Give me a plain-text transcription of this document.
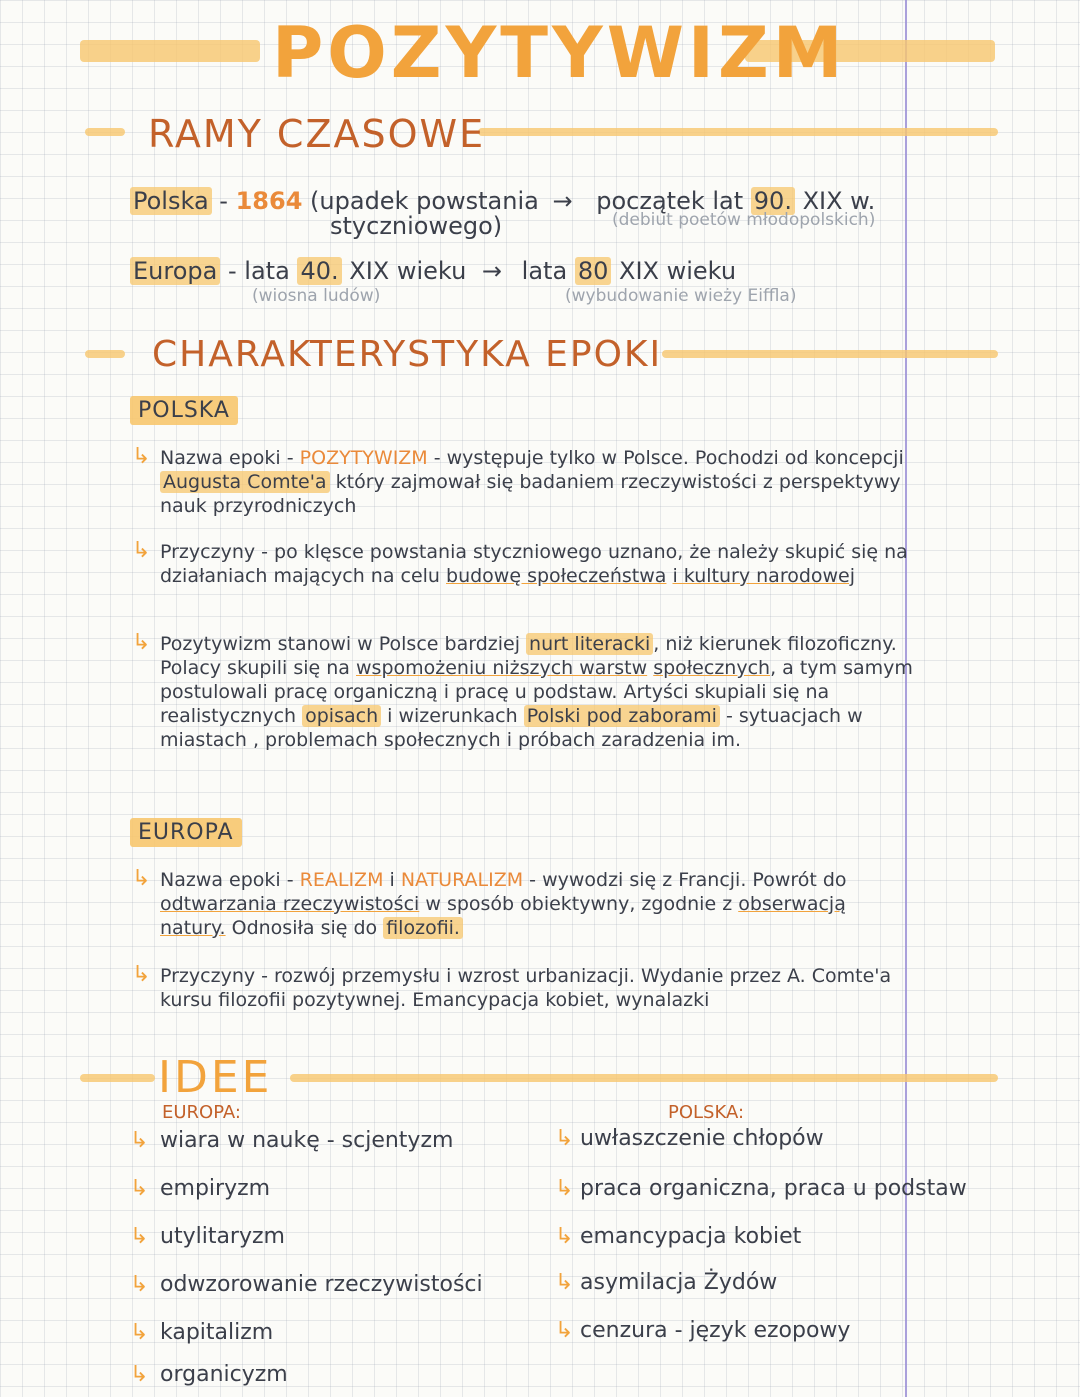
POZYTYWIZM
RAMY CZASOWE
Polska - 1864 (upadek powstania → początek lat 90. XIX w.
styczniowego)	(debiut poetów młodopolskich)
Europa - lata 40. XIX wieku → lata 80 XIX wieku
(wiosna ludów)	(wybudowanie wieży Eiffla)
CHARAKTERYSTYKA EPOKI
POLSKA
↳ Nazwa epoki - POZYTYWIZM - występuje tylko w Polsce. Pochodzi od koncepcji Augusta Comte'a który zajmował się badaniem rzeczywistości z perspektywy nauk przyrodniczych
↳ Przyczyny - po klęsce powstania styczniowego uznano, że należy skupić się na działaniach mających na celu budowę społeczeństwa i kultury narodowej
↳ Pozytywizm stanowi w Polsce bardziej nurt literacki , niż kierunek filozoficzny. Polacy skupili się na wspomożeniu niższych warstw społecznych, a tym samym postulowali pracę organiczną i pracę u podstaw. Artyści skupiali się na realistycznych opisach i wizerunkach Polski pod zaborami - sytuacjach w miastach , problemach społecznych i próbach zaradzenia im.
EUROPA
↳ Nazwa epoki - REALIZM i NATURALIZM - wywodzi się z Francji. Powrót do odtwarzania rzeczywistości w sposób obiektywny, zgodnie z obserwacją natury. Odnosiła się do filozofii.
↳ Przyczyny - rozwój przemysłu i wzrost urbanizacji. Wydanie przez A. Comte'a kursu filozofii pozytywnej. Emancypacja kobiet, wynalazki
IDEE
EUROPA:	POLSKA:
↳ wiara w naukę - scjentyzm
↳ empiryzm
↳ utylitaryzm
↳ odwzorowanie rzeczywistości
↳ kapitalizm
↳ organicyzm
↳ uwłaszczenie chłopów
↳ praca organiczna, praca u podstaw
↳ emancypacja kobiet
↳ asymilacja Żydów
↳ cenzura - język ezopowy
